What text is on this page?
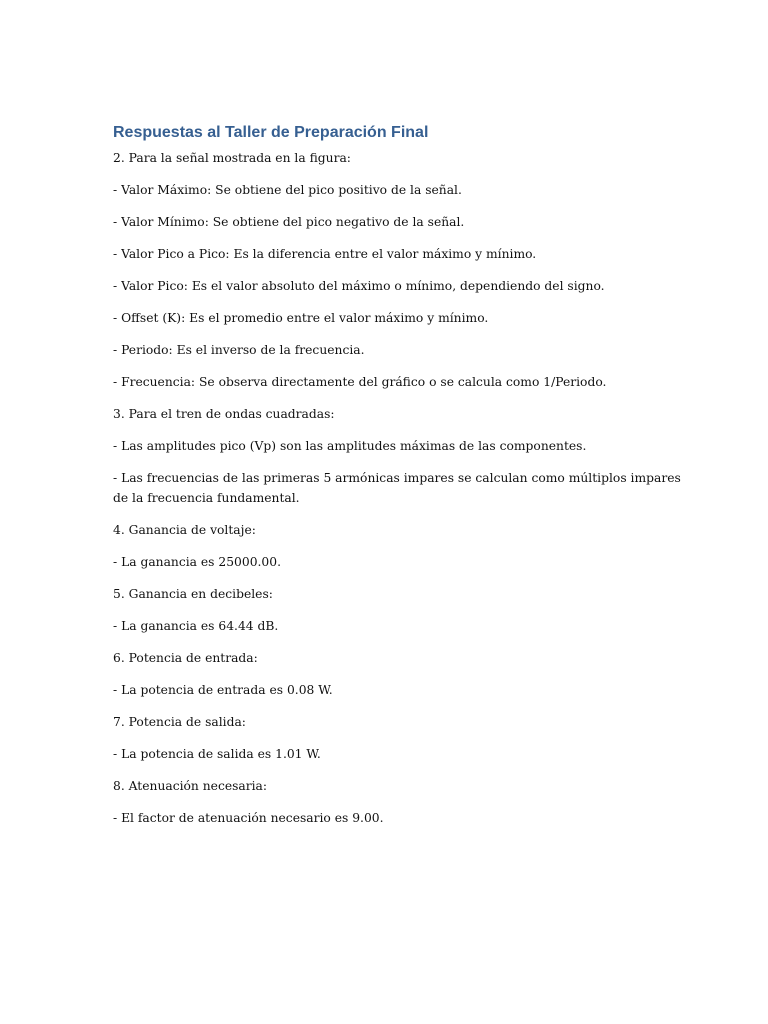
Respuestas al Taller de Preparación Final

2. Para la señal mostrada en la figura:

- Valor Máximo: Se obtiene del pico positivo de la señal.

- Valor Mínimo: Se obtiene del pico negativo de la señal.

- Valor Pico a Pico: Es la diferencia entre el valor máximo y mínimo.

- Valor Pico: Es el valor absoluto del máximo o mínimo, dependiendo del signo.

- Offset (K): Es el promedio entre el valor máximo y mínimo.

- Periodo: Es el inverso de la frecuencia.

- Frecuencia: Se observa directamente del gráfico o se calcula como 1/Periodo.

3. Para el tren de ondas cuadradas:

- Las amplitudes pico (Vp) son las amplitudes máximas de las componentes.

- Las frecuencias de las primeras 5 armónicas impares se calculan como múltiplos impares

de la frecuencia fundamental.

4. Ganancia de voltaje:

- La ganancia es 25000.00.

5. Ganancia en decibeles:

- La ganancia es 64.44 dB.

6. Potencia de entrada:

- La potencia de entrada es 0.08 W.

7. Potencia de salida:

- La potencia de salida es 1.01 W.

8. Atenuación necesaria:

- El factor de atenuación necesario es 9.00.
